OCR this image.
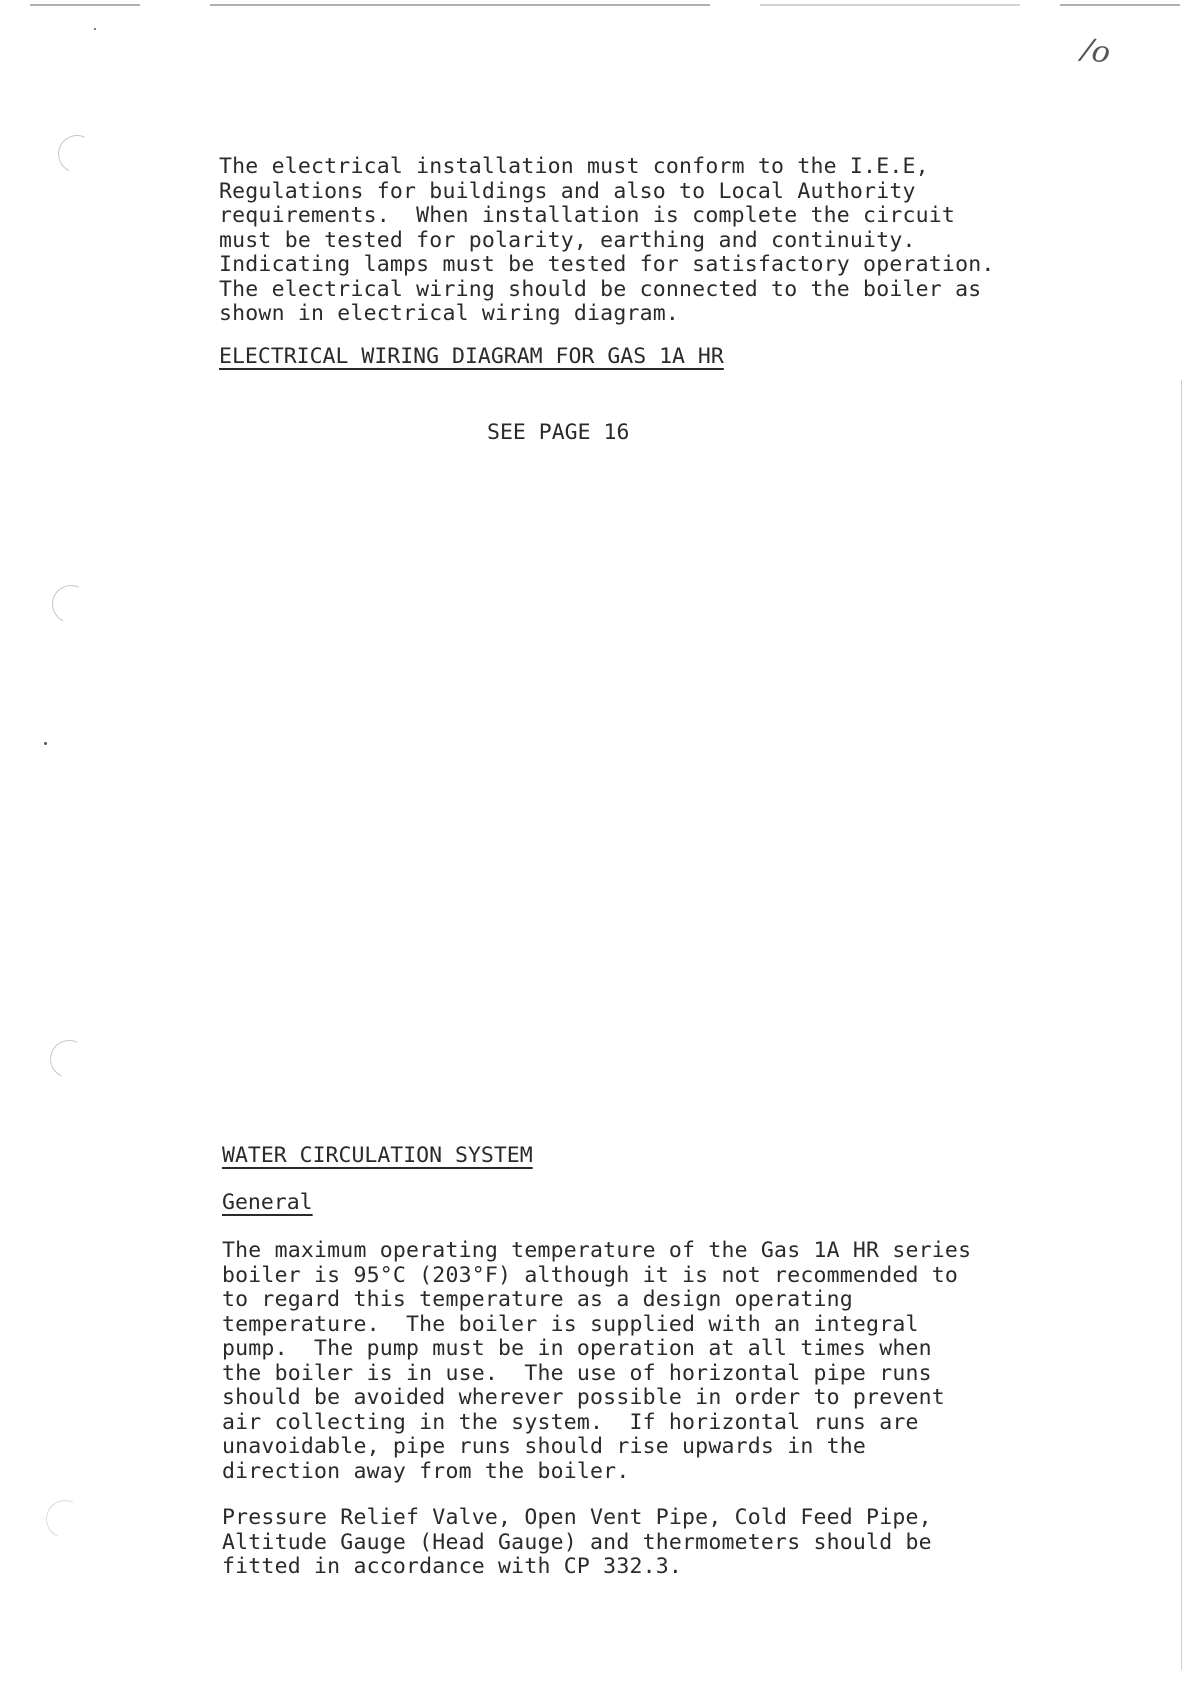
/o
The electrical installation must conform to the I.E.E,
Regulations for buildings and also to Local Authority
requirements.  When installation is complete the circuit
must be tested for polarity, earthing and continuity.
Indicating lamps must be tested for satisfactory operation.
The electrical wiring should be connected to the boiler as
shown in electrical wiring diagram.
ELECTRICAL WIRING DIAGRAM FOR GAS 1A HR
SEE PAGE 16
WATER CIRCULATION SYSTEM
General
The maximum operating temperature of the Gas 1A HR series
boiler is 95°C (203°F) although it is not recommended to
to regard this temperature as a design operating
temperature.  The boiler is supplied with an integral
pump.  The pump must be in operation at all times when
the boiler is in use.  The use of horizontal pipe runs
should be avoided wherever possible in order to prevent
air collecting in the system.  If horizontal runs are
unavoidable, pipe runs should rise upwards in the
direction away from the boiler.
Pressure Relief Valve, Open Vent Pipe, Cold Feed Pipe,
Altitude Gauge (Head Gauge) and thermometers should be
fitted in accordance with CP 332.3.
